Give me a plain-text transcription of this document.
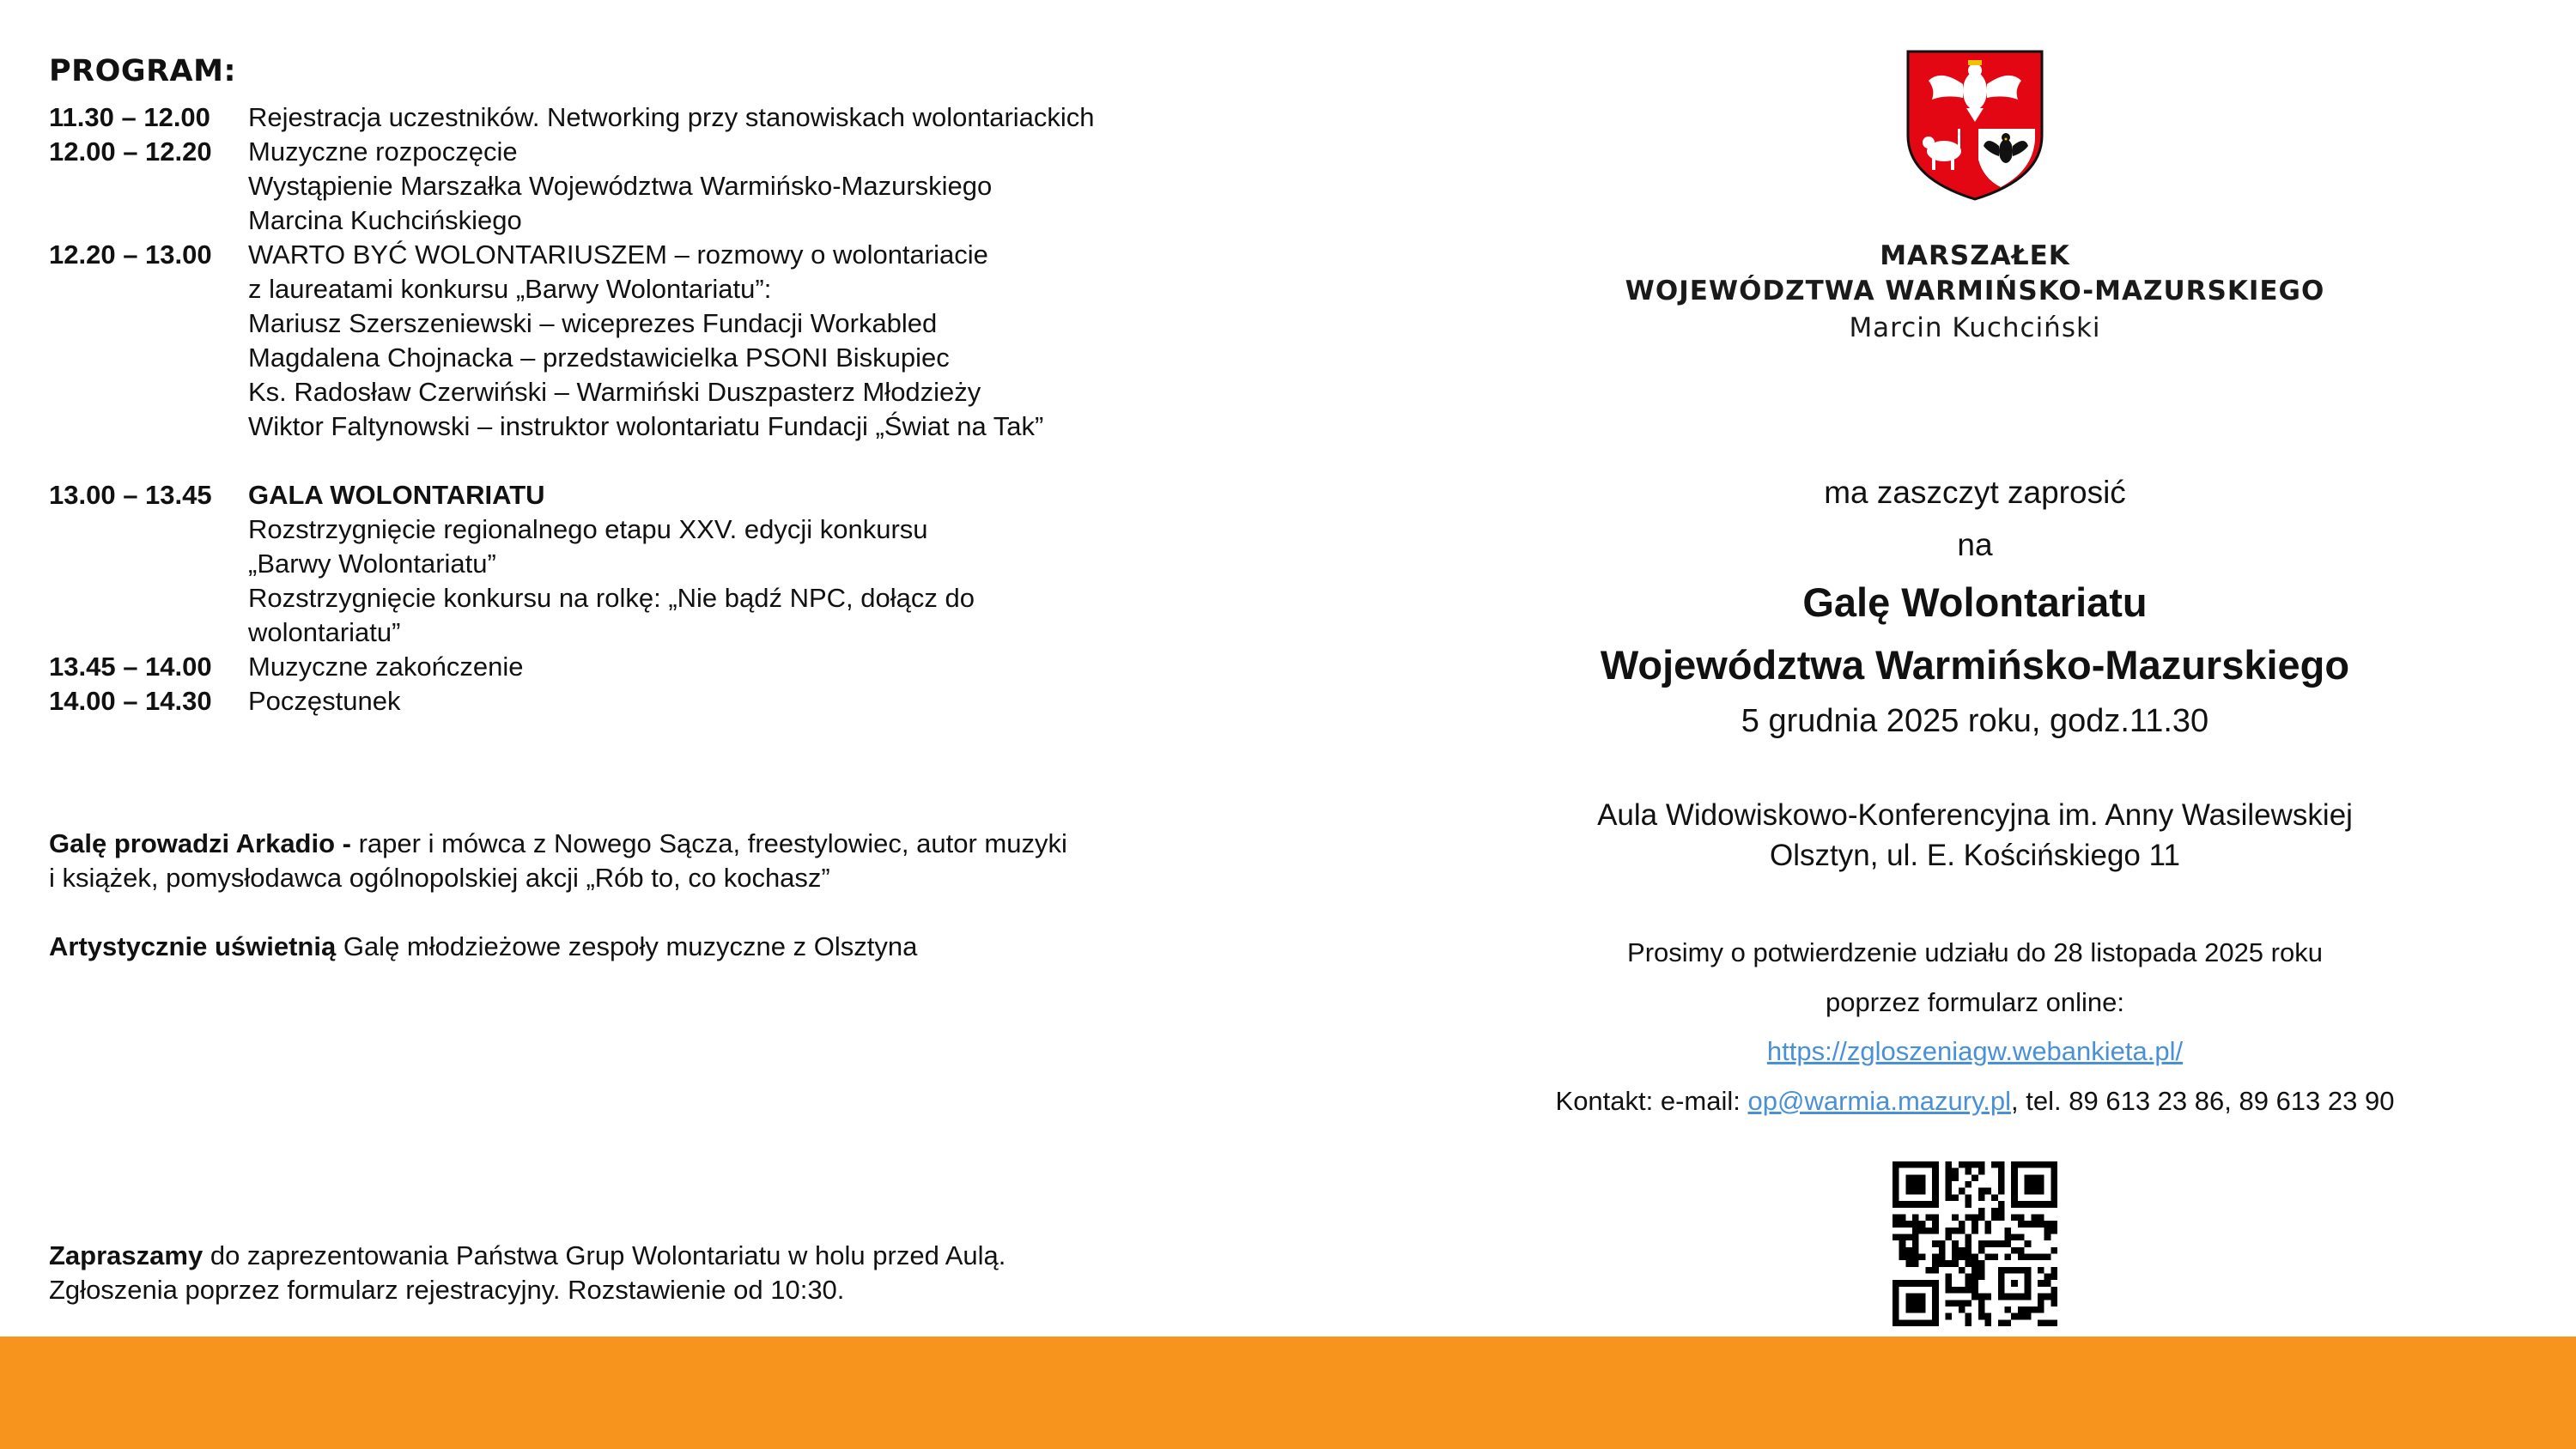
PROGRAM:
11.30 – 12.00 Rejestracja uczestników. Networking przy stanowiskach wolontariackich
12.00 – 12.20 Muzyczne rozpoczęcie
Wystąpienie Marszałka Województwa Warmińsko-Mazurskiego
Marcina Kuchcińskiego
12.20 – 13.00 WARTO BYĆ WOLONTARIUSZEM – rozmowy o wolontariacie
z laureatami konkursu „Barwy Wolontariatu”:
Mariusz Szerszeniewski – wiceprezes Fundacji Workabled
Magdalena Chojnacka – przedstawicielka PSONI Biskupiec
Ks. Radosław Czerwiński – Warmiński Duszpasterz Młodzieży
Wiktor Faltynowski – instruktor wolontariatu Fundacji „Świat na Tak”
13.00 – 13.45 GALA WOLONTARIATU
Rozstrzygnięcie regionalnego etapu XXV. edycji konkursu
„Barwy Wolontariatu”
Rozstrzygnięcie konkursu na rolkę: „Nie bądź NPC, dołącz do
wolontariatu”
13.45 – 14.00 Muzyczne zakończenie
14.00 – 14.30 Poczęstunek
Galę prowadzi Arkadio - raper i mówca z Nowego Sącza, freestylowiec, autor muzyki
i książek, pomysłodawca ogólnopolskiej akcji „Rób to, co kochasz”
Artystycznie uświetnią Galę młodzieżowe zespoły muzyczne z Olsztyna
Zapraszamy do zaprezentowania Państwa Grup Wolontariatu w holu przed Aulą.
Zgłoszenia poprzez formularz rejestracyjny. Rozstawienie od 10:30.
MARSZAŁEK
WOJEWÓDZTWA WARMIŃSKO-MAZURSKIEGO
Marcin Kuchciński
ma zaszczyt zaprosić
na
Galę Wolontariatu
Województwa Warmińsko-Mazurskiego
5 grudnia 2025 roku, godz.11.30
Aula Widowiskowo-Konferencyjna im. Anny Wasilewskiej
Olsztyn, ul. E. Kościńskiego 11
Prosimy o potwierdzenie udziału do 28 listopada 2025 roku
poprzez formularz online:
https://zgloszeniagw.webankieta.pl/
Kontakt: e-mail: op@warmia.mazury.pl, tel. 89 613 23 86, 89 613 23 90
